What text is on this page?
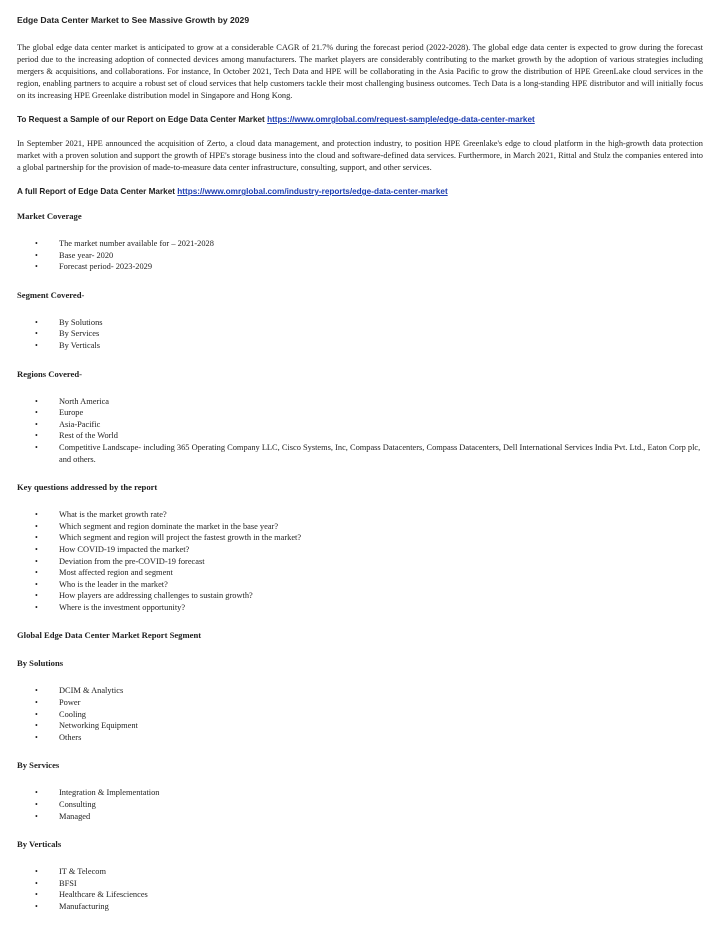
Edge Data Center Market to See Massive Growth by 2029

The global edge data center market is anticipated to grow at a considerable CAGR of 21.7% during the forecast period (2022-2028). The global edge data center is expected to grow during the forecast period due to the increasing adoption of connected devices among manufacturers. The market players are considerably contributing to the market growth by the adoption of various strategies including mergers & acquisitions, and collaborations. For instance, In October 2021, Tech Data and HPE will be collaborating in the Asia Pacific to grow the distribution of HPE GreenLake cloud services in the region, enabling partners to acquire a robust set of cloud services that help customers tackle their most challenging business outcomes. Tech Data is a long-standing HPE distributor and will initially focus on its increasing HPE Greenlake distribution model in Singapore and Hong Kong.

To Request a Sample of our Report on Edge Data Center Market https://www.omrglobal.com/request-sample/edge-data-center-market

In September 2021, HPE announced the acquisition of Zerto, a cloud data management, and protection industry, to position HPE Greenlake's edge to cloud platform in the high-growth data protection market with a proven solution and support the growth of HPE's storage business into the cloud and software-defined data services. Furthermore, in March 2021, Rittal and Stulz the companies entered into a global partnership for the provision of made-to-measure data center infrastructure, consulting, support, and other services.

A full Report of Edge Data Center Market https://www.omrglobal.com/industry-reports/edge-data-center-market

Market Coverage

•	The market number available for – 2021-2028
•	Base year- 2020
•	Forecast period- 2023-2029

Segment Covered-

•	By Solutions
•	By Services
•	By Verticals

Regions Covered-

•	North America
•	Europe
•	Asia-Pacific
•	Rest of the World
•	Competitive Landscape- including 365 Operating Company LLC, Cisco Systems, Inc, Compass Datacenters, Compass Datacenters, Dell International Services India Pvt. Ltd., Eaton Corp plc, and others.

Key questions addressed by the report

•	What is the market growth rate?
•	Which segment and region dominate the market in the base year?
•	Which segment and region will project the fastest growth in the market?
•	How COVID-19 impacted the market?
•	Deviation from the pre-COVID-19 forecast
•	Most affected region and segment
•	Who is the leader in the market?
•	How players are addressing challenges to sustain growth?
•	Where is the investment opportunity?

Global Edge Data Center Market Report Segment

By Solutions

•	DCIM & Analytics
•	Power
•	Cooling
•	Networking Equipment
•	Others

By Services

•	Integration & Implementation
•	Consulting
•	Managed

By Verticals

•	IT & Telecom
•	BFSI
•	Healthcare & Lifesciences
•	Manufacturing
